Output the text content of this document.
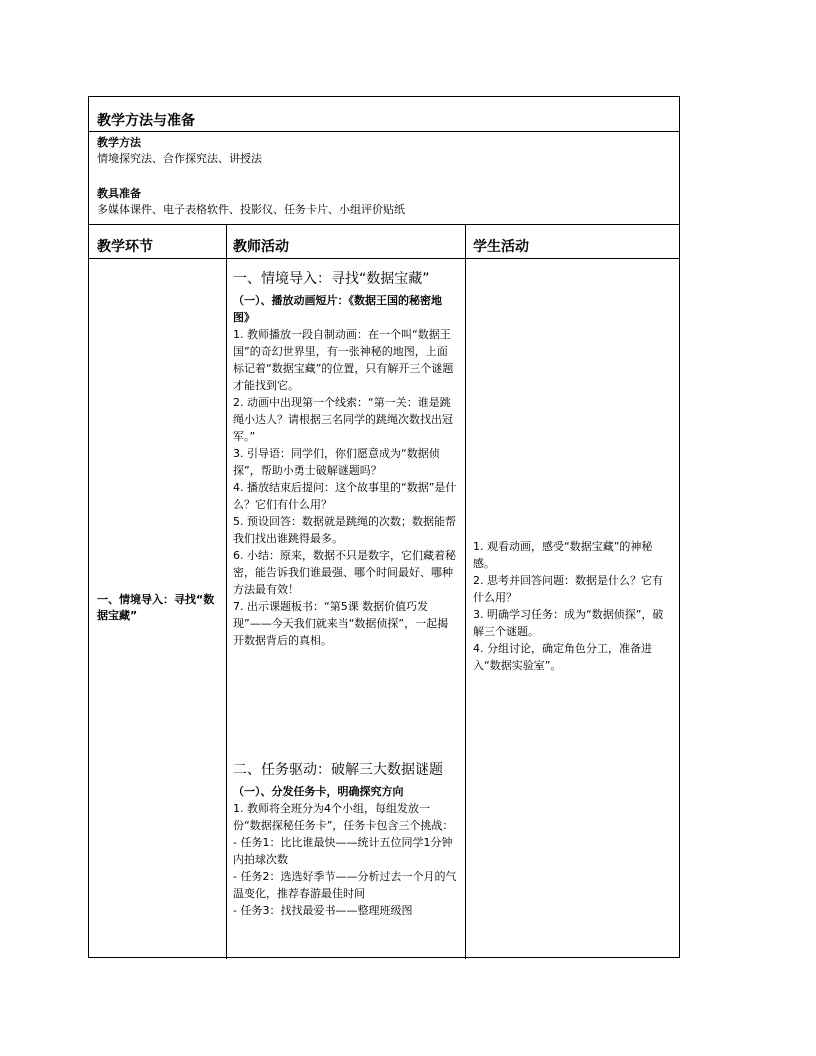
教学方法与准备
教学方法
情境探究法、合作探究法、讲授法
教具准备
多媒体课件、电子表格软件、投影仪、任务卡片、小组评价贴纸
教学环节	教师活动	学生活动
一、情境导入：寻找“数据宝藏”
一、情境导入：寻找“数据宝藏”
（一）、播放动画短片：《数据王国的秘密地图》

1. 教师播放一段自制动画：在一个叫“数据王国”的奇幻世界里，有一张神秘的地图，上面标记着“数据宝藏”的位置，只有解开三个谜题才能找到它。

2. 动画中出现第一个线索：“第一关：谁是跳绳小达人？请根据三名同学的跳绳次数找出冠军。”

3. 引导语：同学们，你们愿意成为“数据侦探”，帮助小勇士破解谜题吗？

4. 播放结束后提问：这个故事里的“数据”是什么？它们有什么用？

5. 预设回答：数据就是跳绳的次数；数据能帮我们找出谁跳得最多。

6. 小结：原来，数据不只是数字，它们藏着秘密，能告诉我们谁最强、哪个时间最好、哪种方法最有效！

7. 出示课题板书：“第5课 数据价值巧发现”——今天我们就来当“数据侦探”，一起揭开数据背后的真相。

二、任务驱动：破解三大数据谜题
（一）、分发任务卡，明确探究方向

1. 教师将全班分为4个小组，每组发放一份“数据探秘任务卡”，任务卡包含三个挑战：

- 任务1：比比谁最快——统计五位同学1分钟内拍球次数

- 任务2：选选好季节——分析过去一个月的气温变化，推荐春游最佳时间

- 任务3：找找最爱书——整理班级图

1. 观看动画，感受“数据宝藏”的神秘感。

2. 思考并回答问题：数据是什么？它有什么用？

3. 明确学习任务：成为“数据侦探”，破解三个谜题。

4. 分组讨论，确定角色分工，准备进入“数据实验室”。
